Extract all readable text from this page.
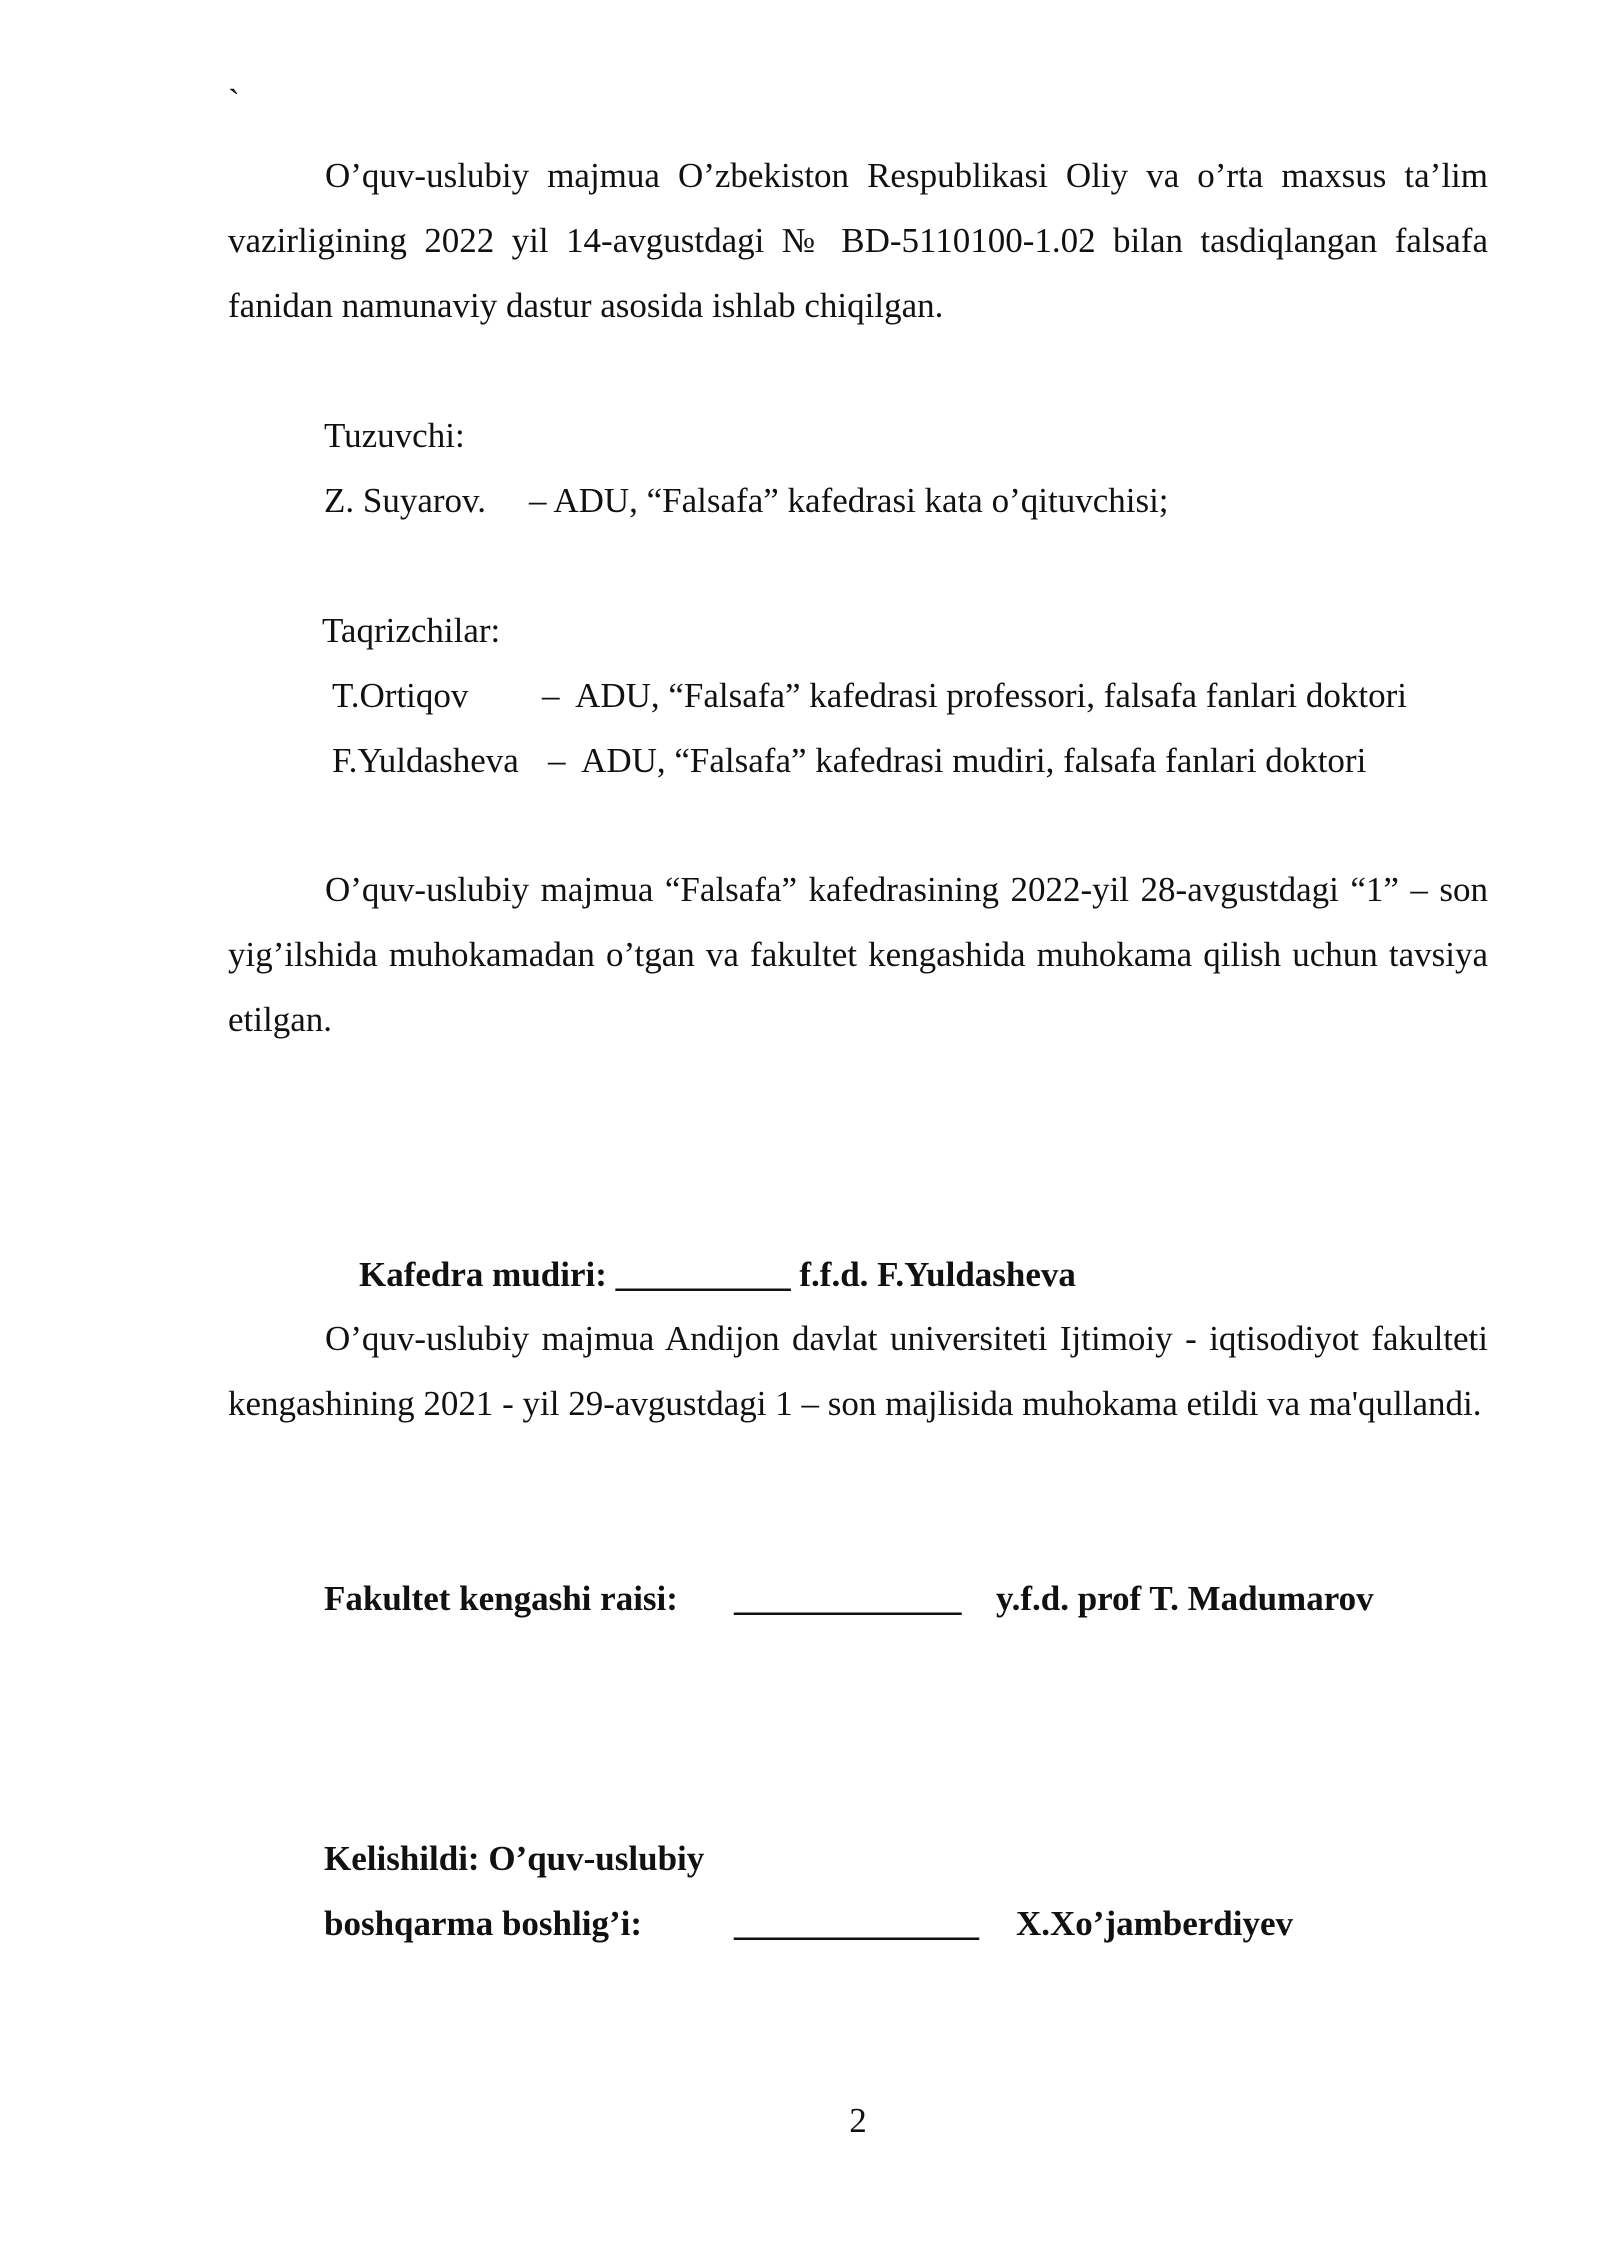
`

O’quv-uslubiy majmua O’zbekiston Respublikasi Oliy va o’rta maxsus ta’lim vazirligining 2022 yil 14-avgustdagi № BD-5110100-1.02 bilan tasdiqlangan falsafa fanidan namunaviy dastur asosida ishlab chiqilgan.

Tuzuvchi:
Z. Suyarov. – ADU, “Falsafa” kafedrasi kata o’qituvchisi;
Taqrizchilar:
T.Ortiqov –  ADU, “Falsafa” kafedrasi professori, falsafa fanlari doktori
F.Yuldasheva –  ADU, “Falsafa” kafedrasi mudiri, falsafa fanlari doktori

O’quv-uslubiy majmua “Falsafa” kafedrasining 2022-yil 28-avgustdagi “1” – son yig’ilshida muhokamadan o’tgan va fakultet kengashida muhokama qilish uchun tavsiya etilgan.

Kafedra mudiri: __________ f.f.d. F.Yuldasheva

O’quv-uslubiy majmua Andijon davlat universiteti Ijtimoiy - iqtisodiyot fakulteti kengashining 2021 - yil 29-avgustdagi 1 – son majlisida muhokama etildi va ma'qullandi.

Fakultet kengashi raisi: _____________ y.f.d. prof T. Madumarov
Kelishildi: O’quv-uslubiy
boshqarma boshlig’i:	______________ X.Xo’jamberdiyev
2
